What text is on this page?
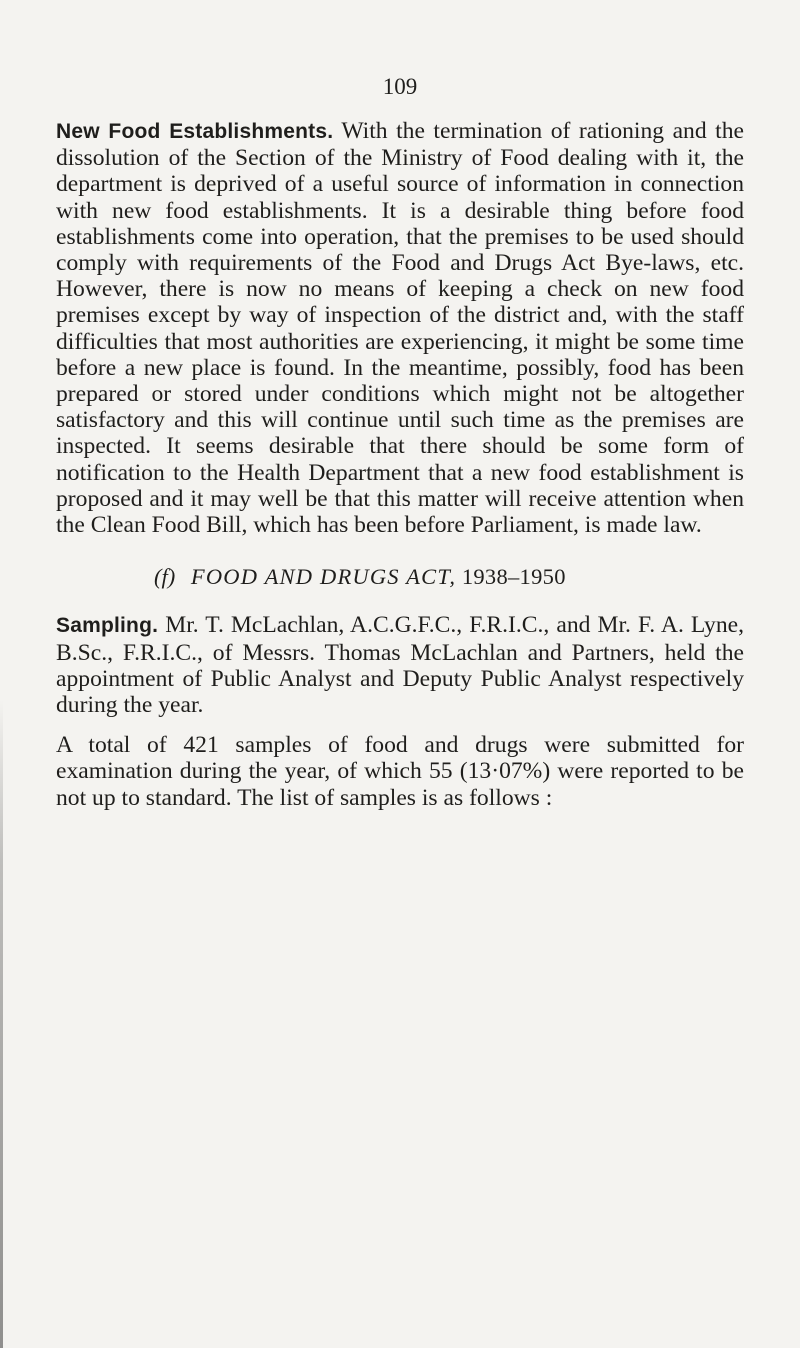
109

New Food Establishments. With the termination of rationing and the dissolution of the Section of the Ministry of Food dealing with it, the department is deprived of a useful source of information in connection with new food establishments. It is a desirable thing before food establishments come into operation, that the premises to be used should comply with requirements of the Food and Drugs Act Bye-laws, etc. However, there is now no means of keeping a check on new food premises except by way of inspection of the district and, with the staff difficulties that most authorities are experiencing, it might be some time before a new place is found. In the meantime, possibly, food has been prepared or stored under conditions which might not be altogether satisfactory and this will continue until such time as the premises are inspected. It seems desirable that there should be some form of notification to the Health Department that a new food establishment is proposed and it may well be that this matter will receive attention when the Clean Food Bill, which has been before Parliament, is made law.

(f) FOOD AND DRUGS ACT, 1938–1950

Sampling. Mr. T. McLachlan, A.C.G.F.C., F.R.I.C., and Mr. F. A. Lyne, B.Sc., F.R.I.C., of Messrs. Thomas McLachlan and Partners, held the appointment of Public Analyst and Deputy Public Analyst respectively during the year.

A total of 421 samples of food and drugs were submitted for examination during the year, of which 55 (13·07%) were reported to be not up to standard. The list of samples is as follows :
